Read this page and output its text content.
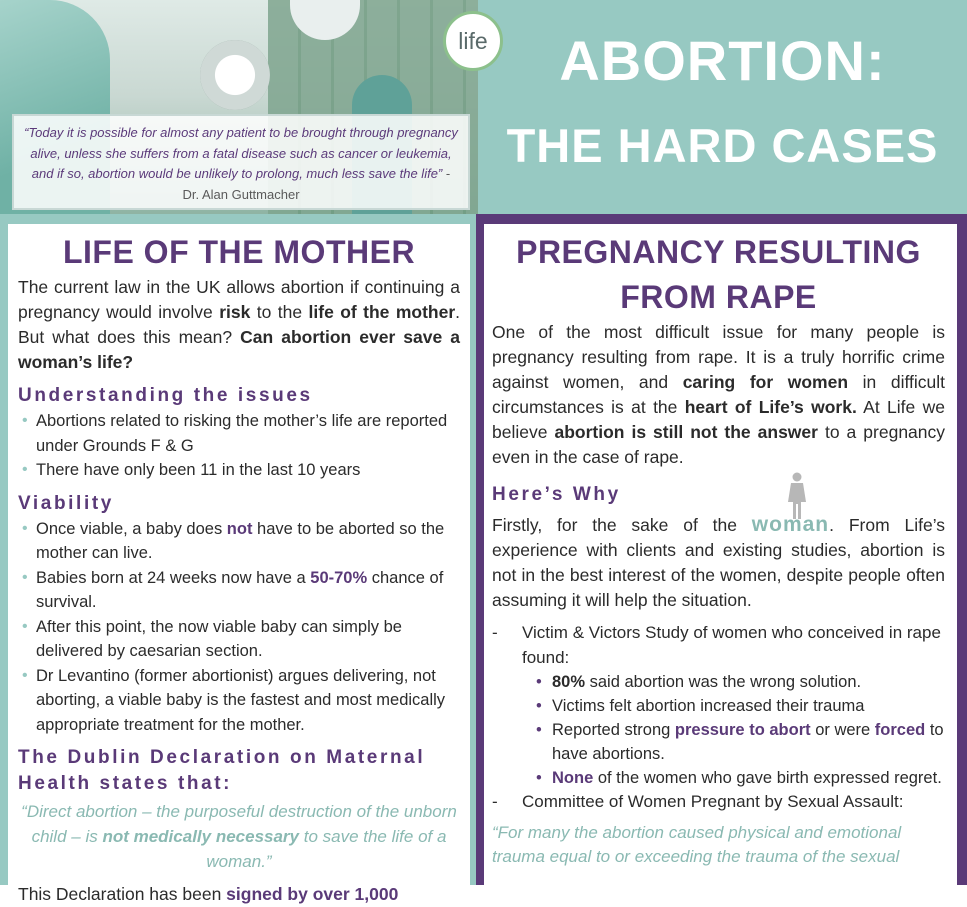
“Today it is possible for almost any patient to be brought through pregnancy alive, unless she suffers from a fatal disease such as cancer or leukemia, and if so, abortion would be unlikely to prolong, much less save the life” - Dr. Alan Guttmacher
life	ABORTION:
THE HARD CASES
LIFE OF THE MOTHER

The current law in the UK allows abortion if continuing a pregnancy would involve risk to the life of the mother. But what does this mean? Can abortion ever save a woman’s life?

Understanding the issues
• Abortions related to risking the mother’s life are reported under Grounds F & G
• There have only been 11 in the last 10 years
Viability
• Once viable, a baby does not have to be aborted so the mother can live.
• Babies born at 24 weeks now have a 50-70% chance of survival.
• After this point, the now viable baby can simply be delivered by caesarian section.
• Dr Levantino (former abortionist) argues delivering, not aborting, a viable baby is the fastest and most medically appropriate treatment for the mother.
The Dublin Declaration on Maternal Health states that:
“Direct abortion – the purposeful destruction of the unborn child – is not medically necessary to save the life of a woman.”

This Declaration has been signed by over 1,000

PREGNANCY RESULTING
FROM RAPE

One of the most difficult issue for many people is pregnancy resulting from rape. It is a truly horrific crime against women, and caring for women in difficult circumstances is at the heart of Life’s work. At Life we believe abortion is still not the answer to a pregnancy even in the case of rape.

Here’s Why

Firstly, for the sake of the woman. From Life’s experience with clients and existing studies, abortion is not in the best interest of the women, despite people often assuming it will help the situation.

- Victim & Victors Study of women who conceived in rape found:
• 80% said abortion was the wrong solution.
• Victims felt abortion increased their trauma
• Reported strong pressure to abort or were forced to have abortions.
• None of the women who gave birth expressed regret.
- Committee of Women Pregnant by Sexual Assault:
“For many the abortion caused physical and emotional trauma equal to or exceeding the trauma of the sexual
